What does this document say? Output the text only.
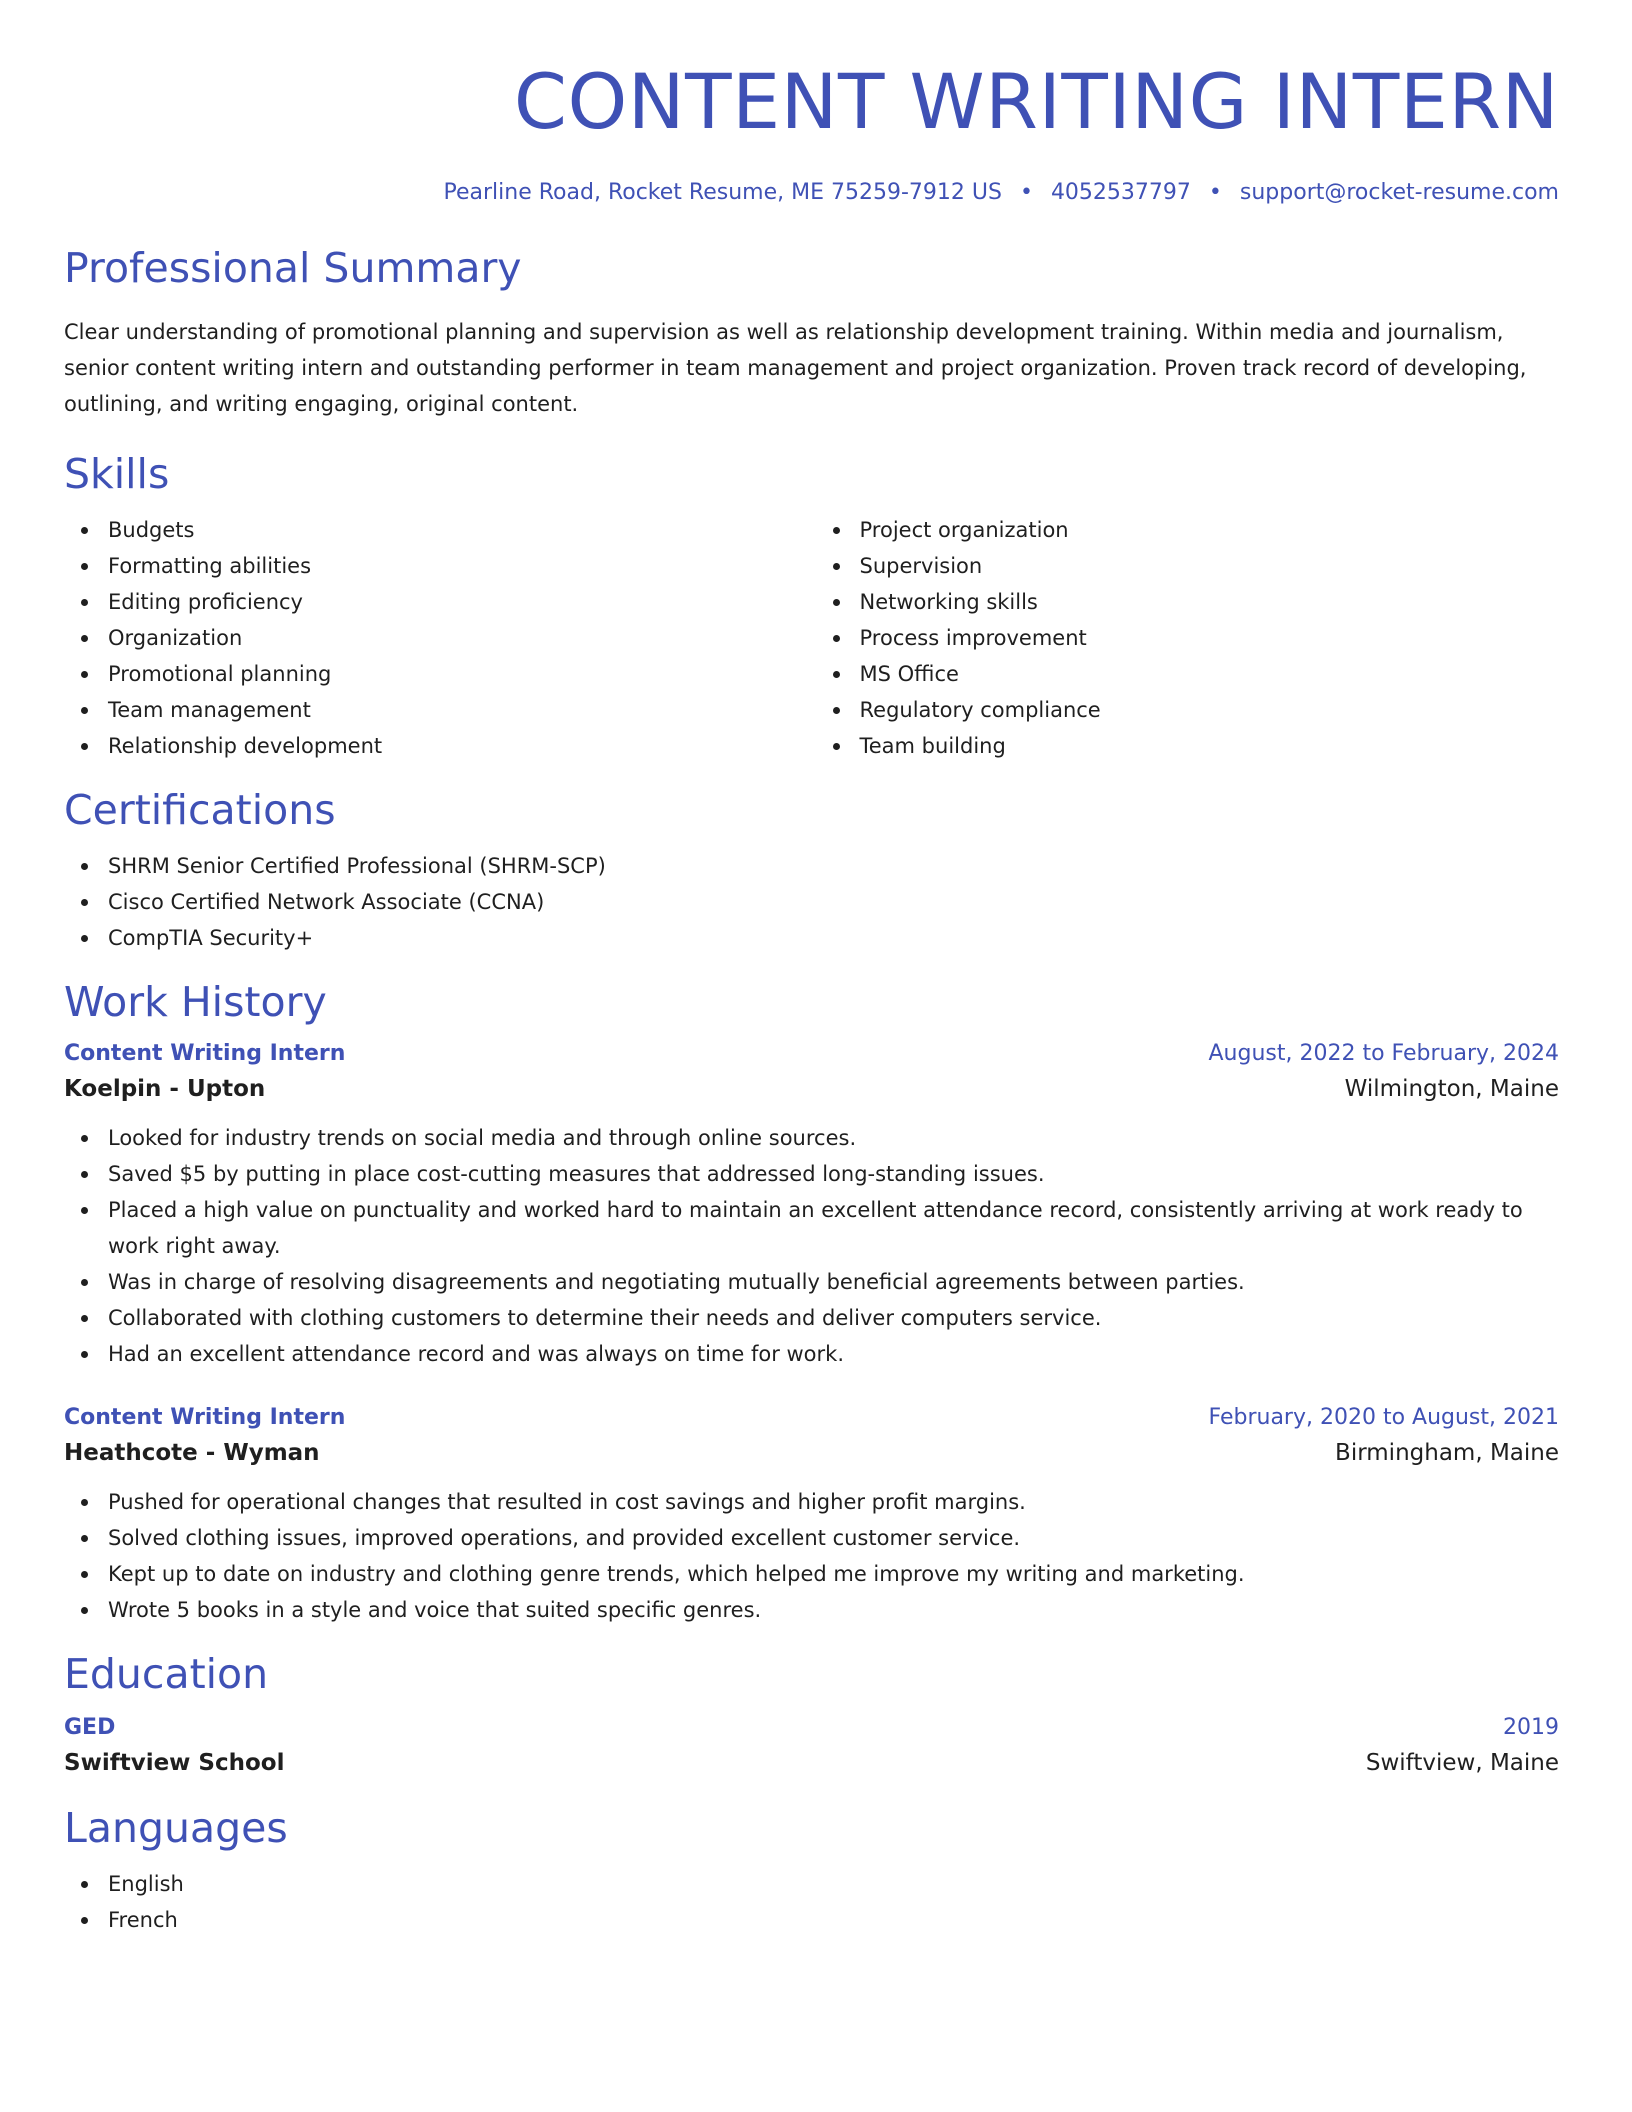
CONTENT WRITING INTERN
Pearline Road, Rocket Resume, ME 75259-7912 US • 4052537797 • support@rocket-resume.com
Professional Summary

Clear understanding of promotional planning and supervision as well as relationship development training. Within media and journalism, senior content writing intern and outstanding performer in team management and project organization. Proven track record of developing, outlining, and writing engaging, original content.

Skills
Budgets
Formatting abilities
Editing proficiency
Organization
Promotional planning
Team management
Relationship development
Project organization
Supervision
Networking skills
Process improvement
MS Office
Regulatory compliance
Team building
Certifications
SHRM Senior Certified Professional (SHRM-SCP)
Cisco Certified Network Associate (CCNA)
CompTIA Security+
Work History
Content Writing Intern	August, 2022 to February, 2024
Koelpin - Upton	Wilmington, Maine
Looked for industry trends on social media and through online sources.
Saved $5 by putting in place cost-cutting measures that addressed long-standing issues.
Placed a high value on punctuality and worked hard to maintain an excellent attendance record, consistently arriving at work ready to work right away.
Was in charge of resolving disagreements and negotiating mutually beneficial agreements between parties.
Collaborated with clothing customers to determine their needs and deliver computers service.
Had an excellent attendance record and was always on time for work.
Content Writing Intern	February, 2020 to August, 2021
Heathcote - Wyman	Birmingham, Maine
Pushed for operational changes that resulted in cost savings and higher profit margins.
Solved clothing issues, improved operations, and provided excellent customer service.
Kept up to date on industry and clothing genre trends, which helped me improve my writing and marketing.
Wrote 5 books in a style and voice that suited specific genres.
Education
GED	2019
Swiftview School	Swiftview, Maine
Languages
English
French
